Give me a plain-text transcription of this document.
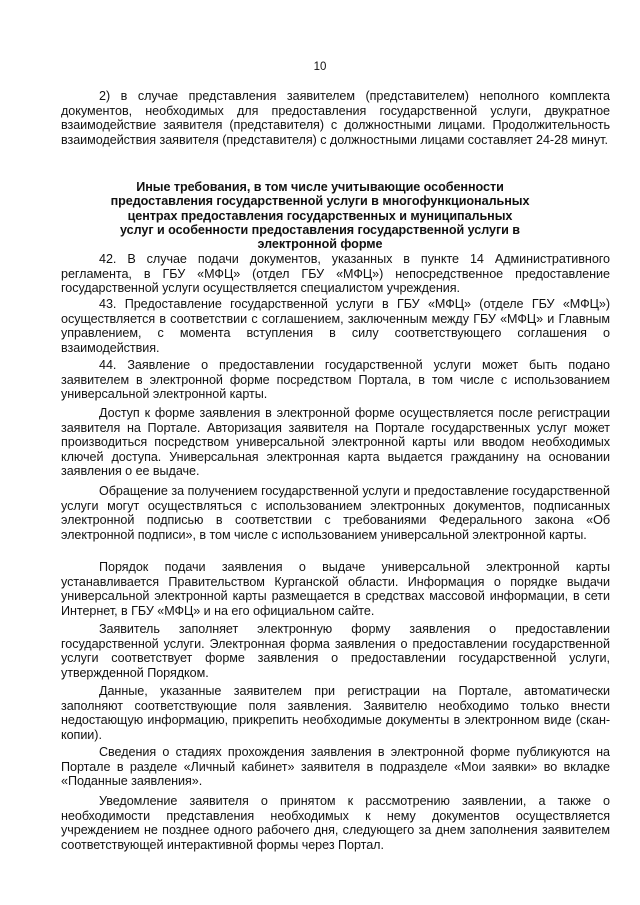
10
2) в случае представления заявителем (представителем) неполного комплекта документов, необходимых для предоставления государственной услуги, двукратное взаимодействие заявителя (представителя) с должностными лицами. Продолжительность взаимодействия заявителя (представителя) с должностными лицами составляет 24-28 минут.
Иные требования, в том числе учитывающие особенности предоставления государственной услуги в многофункциональных центрах предоставления государственных и муниципальных услуг и особенности предоставления государственной услуги в электронной форме
42. В случае подачи документов, указанных в пункте 14 Административного регламента, в ГБУ «МФЦ» (отдел ГБУ «МФЦ») непосредственное предоставление государственной услуги осуществляется специалистом учреждения.
43. Предоставление государственной услуги в ГБУ «МФЦ» (отделе ГБУ «МФЦ») осуществляется в соответствии с соглашением, заключенным между ГБУ «МФЦ» и Главным управлением, с момента вступления в силу соответствующего соглашения о взаимодействия.
44. Заявление о предоставлении государственной услуги может быть подано заявителем в электронной форме посредством Портала, в том числе с использованием универсальной электронной карты.
Доступ к форме заявления в электронной форме осуществляется после регистрации заявителя на Портале. Авторизация заявителя на Портале государственных услуг может производиться посредством универсальной электронной карты или вводом необходимых ключей доступа. Универсальная электронная карта выдается гражданину на основании заявления о ее выдаче.
Обращение за получением государственной услуги и предоставление государственной услуги могут осуществляться с использованием электронных документов, подписанных электронной подписью в соответствии с требованиями Федерального закона «Об электронной подписи», в том числе с использованием универсальной электронной карты.
Порядок подачи заявления о выдаче универсальной электронной карты устанавливается Правительством Курганской области. Информация о порядке выдачи универсальной электронной карты размещается в средствах массовой информации, в сети Интернет, в ГБУ «МФЦ» и на его официальном сайте.
Заявитель заполняет электронную форму заявления о предоставлении государственной услуги. Электронная форма заявления о предоставлении государственной услуги соответствует форме заявления о предоставлении государственной услуги, утвержденной Порядком.
Данные, указанные заявителем при регистрации на Портале, автоматически заполняют соответствующие поля заявления. Заявителю необходимо только внести недостающую информацию, прикрепить необходимые документы в электронном виде (скан-копии).
Сведения о стадиях прохождения заявления в электронной форме публикуются на Портале в разделе «Личный кабинет» заявителя в подразделе «Мои заявки» во вкладке «Поданные заявления».
Уведомление заявителя о принятом к рассмотрению заявлении, а также о необходимости представления необходимых к нему документов осуществляется учреждением не позднее одного рабочего дня, следующего за днем заполнения заявителем соответствующей интерактивной формы через Портал.
